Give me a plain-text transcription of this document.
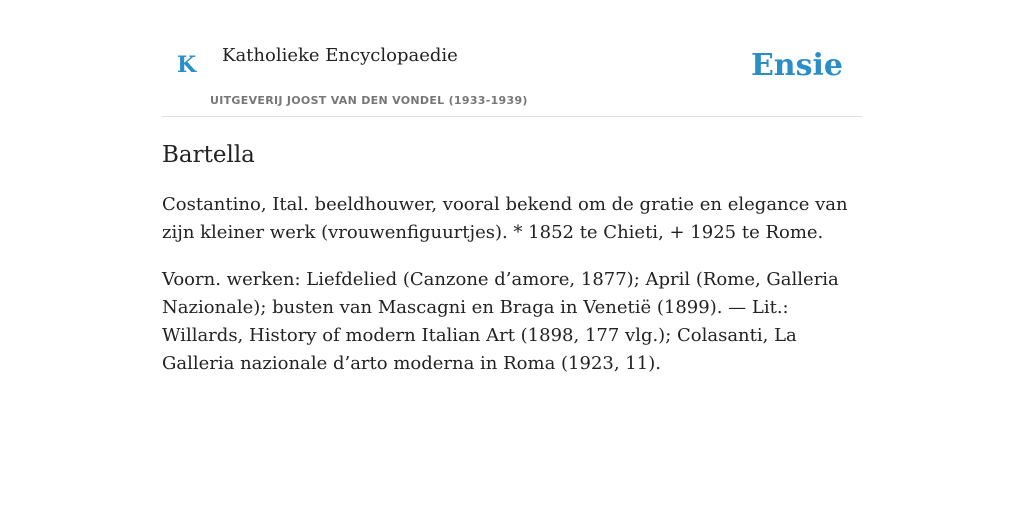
K Katholieke Encyclopaedie
UITGEVERIJ JOOST VAN DEN VONDEL (1933-1939)
Ensie
Bartella

Costantino, Ital. beeldhouwer, vooral bekend om de gratie en elegance van zijn kleiner werk (vrouwenfiguurtjes). * 1852 te Chieti, + 1925 te Rome.

Voorn. werken: Liefdelied (Canzone d’amore, 1877); April (Rome, Galleria Nazionale); busten van Mascagni en Braga in Venetië (1899). — Lit.: Willards, History of modern Italian Art (1898, 177 vlg.); Colasanti, La Galleria nazionale d’arto moderna in Roma (1923, 11).
